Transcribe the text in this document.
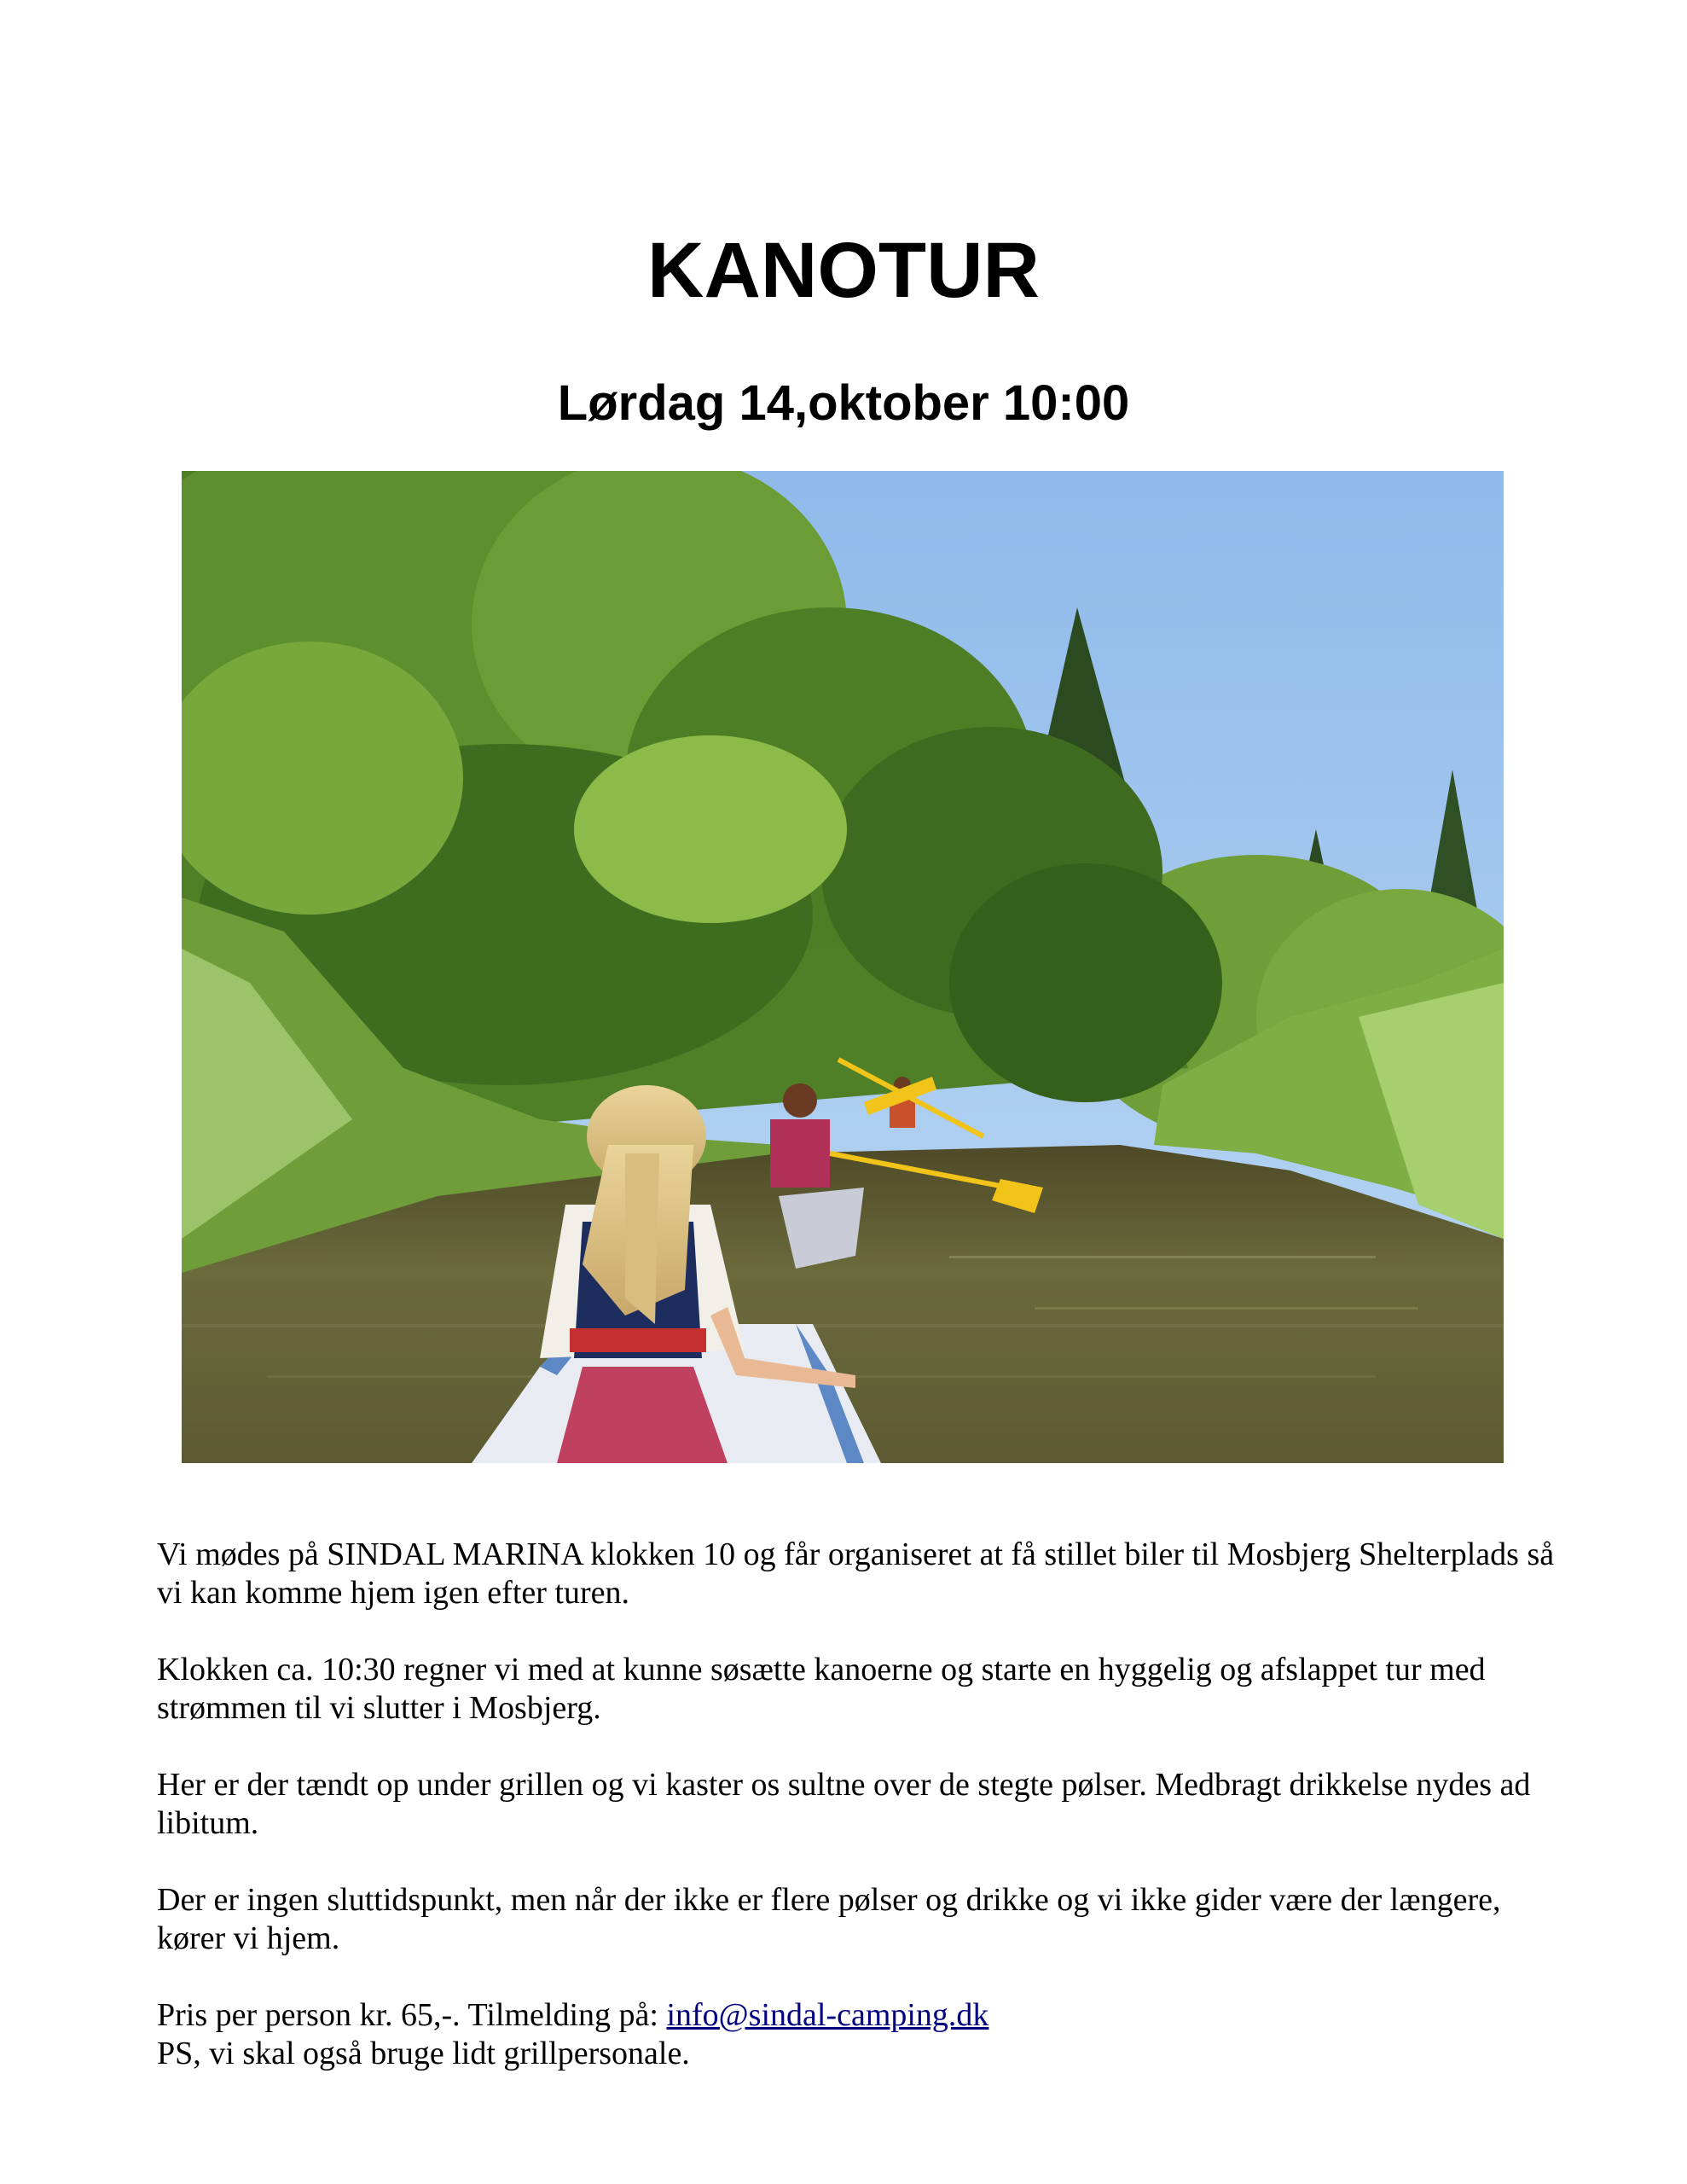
KANOTUR
Lørdag 14,oktober 10:00

Vi mødes på SINDAL MARINA klokken 10 og får organiseret at få stillet biler til Mosbjerg Shelterplads så vi kan komme hjem igen efter turen.

Klokken ca. 10:30 regner vi med at kunne søsætte kanoerne og starte en hyggelig og afslappet tur med strømmen til vi slutter i Mosbjerg.

Her er der tændt op under grillen og vi kaster os sultne over de stegte pølser. Medbragt drikkelse nydes ad libitum.

Der er ingen sluttidspunkt, men når der ikke er flere pølser og drikke og vi ikke gider være der længere, kører vi hjem.

Pris per person kr. 65,-. Tilmelding på: info@sindal-camping.dk
PS, vi skal også bruge lidt grillpersonale.
